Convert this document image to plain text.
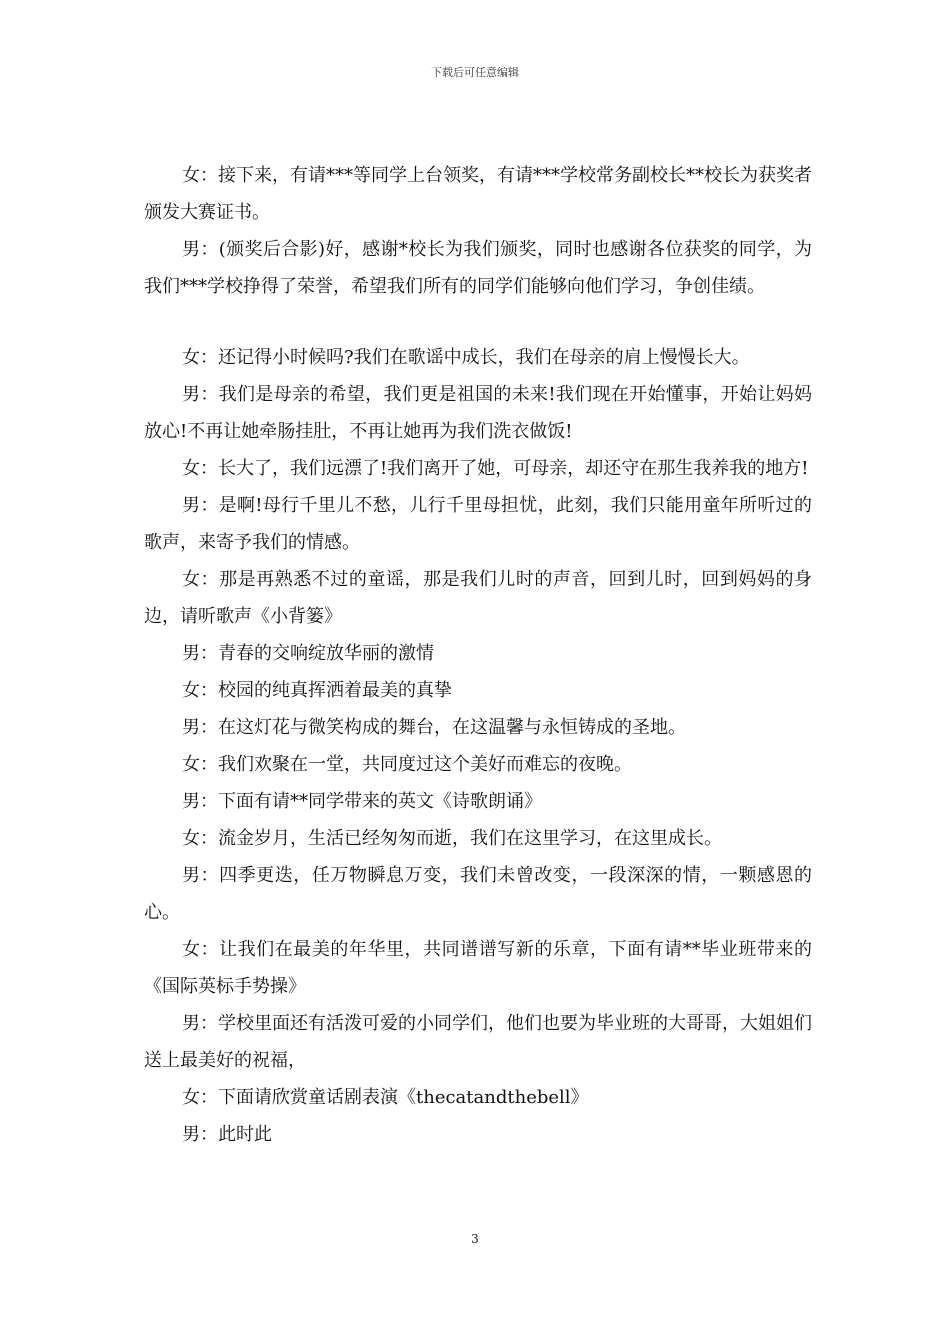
下载后可任意编辑

女：接下来，有请***等同学上台领奖，有请***学校常务副校长**校长为获奖者颁发大赛证书。

男：(颁奖后合影)好，感谢*校长为我们颁奖，同时也感谢各位获奖的同学，为我们***学校挣得了荣誉，希望我们所有的同学们能够向他们学习，争创佳绩。

女：还记得小时候吗?我们在歌谣中成长，我们在母亲的肩上慢慢长大。

男：我们是母亲的希望，我们更是祖国的未来!我们现在开始懂事，开始让妈妈放心!不再让她牵肠挂肚，不再让她再为我们洗衣做饭!

女：长大了，我们远漂了!我们离开了她，可母亲，却还守在那生我养我的地方!

男：是啊!母行千里儿不愁，儿行千里母担忧，此刻，我们只能用童年所听过的歌声，来寄予我们的情感。

女：那是再熟悉不过的童谣，那是我们儿时的声音，回到儿时，回到妈妈的身边，请听歌声《小背篓》

男：青春的交响绽放华丽的激情

女：校园的纯真挥洒着最美的真挚

男：在这灯花与微笑构成的舞台，在这温馨与永恒铸成的圣地。

女：我们欢聚在一堂，共同度过这个美好而难忘的夜晚。

男：下面有请**同学带来的英文《诗歌朗诵》

女：流金岁月，生活已经匆匆而逝，我们在这里学习，在这里成长。

男：四季更迭，任万物瞬息万变，我们未曾改变，一段深深的情，一颗感恩的心。

女：让我们在最美的年华里，共同谱谱写新的乐章，下面有请**毕业班带来的《国际英标手势操》

男：学校里面还有活泼可爱的小同学们，他们也要为毕业班的大哥哥，大姐姐们送上最美好的祝福，

女：下面请欣赏童话剧表演《thecatandthebell》

男：此时此

3
